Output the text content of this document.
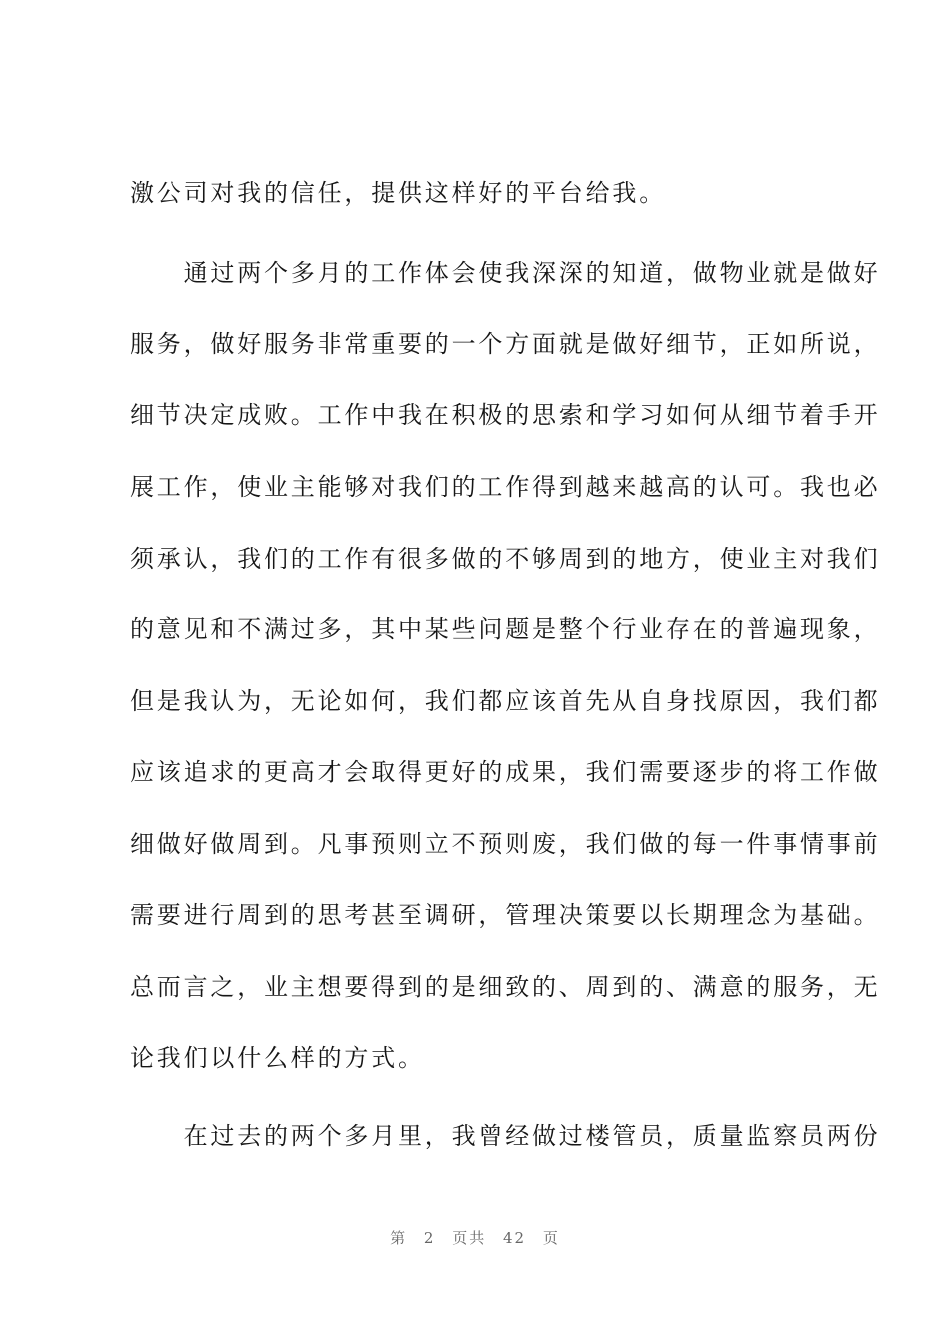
激公司对我的信任，提供这样好的平台给我。
　　通过两个多月的工作体会使我深深的知道，做物业就是做好
服务，做好服务非常重要的一个方面就是做好细节，正如所说，
细节决定成败。工作中我在积极的思索和学习如何从细节着手开
展工作，使业主能够对我们的工作得到越来越高的认可。我也必
须承认，我们的工作有很多做的不够周到的地方，使业主对我们
的意见和不满过多，其中某些问题是整个行业存在的普遍现象，
但是我认为，无论如何，我们都应该首先从自身找原因，我们都
应该追求的更高才会取得更好的成果，我们需要逐步的将工作做
细做好做周到。凡事预则立不预则废，我们做的每一件事情事前
需要进行周到的思考甚至调研，管理决策要以长期理念为基础。
总而言之，业主想要得到的是细致的、周到的、满意的服务，无
论我们以什么样的方式。
　　在过去的两个多月里，我曾经做过楼管员，质量监察员两份
第 2 页共 42 页
